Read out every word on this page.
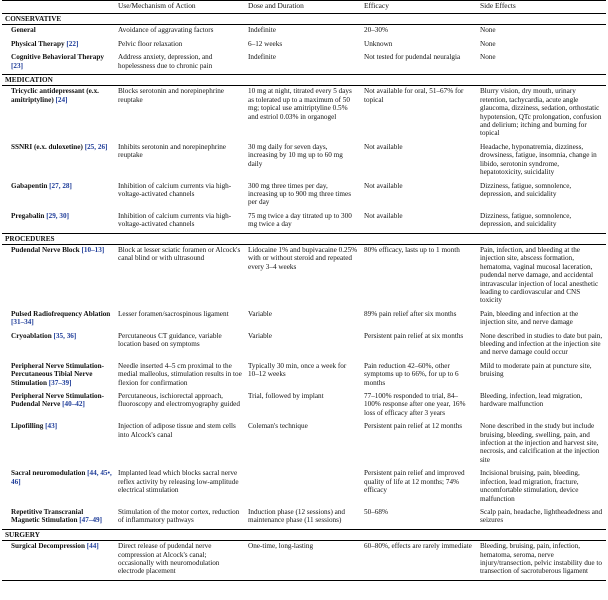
	Use/Mechanism of Action	Dose and Duration	Efficacy	Side Effects
CONSERVATIVE				
General	Avoidance of aggravating factors	Indefinite	20–30%	None
Physical Therapy [22]	Pelvic floor relaxation	6–12 weeks	Unknown	None
Cognitive Behavioral Therapy [23]	Address anxiety, depression, and hopelessness due to chronic pain	Indefinite	Not tested for pudendal neuralgia	None
MEDICATION				
Tricyclic antidepressant (e.x. amitriptyline) [24]	Blocks serotonin and norepinephrine reuptake	10 mg at night, titrated every 5 days as tolerated up to a maximum of 50 mg; topical use amitriptyline 0.5% and estriol 0.03% in organogel	Not available for oral, 51–67% for topical	Blurry vision, dry mouth, urinary retention, tachycardia, acute angle glaucoma, dizziness, sedation, orthostatic hypotension, QTc prolongation, confusion and delirium; itching and burning for topical
SSNRI (e.x. duloxetine) [25, 26]	Inhibits serotonin and norepinephrine reuptake	30 mg daily for seven days, increasing by 10 mg up to 60 mg daily	Not available	Headache, hyponatremia, dizziness, drowsiness, fatigue, insomnia, change in libido, serotonin syndrome, hepatotoxicity, suicidality
Gabapentin [27, 28]	Inhibition of calcium currents via high-voltage-activated channels	300 mg three times per day, increasing up to 900 mg three times per day	Not available	Dizziness, fatigue, somnolence, depression, and suicidality
Pregabalin [29, 30]	Inhibition of calcium currents via high-voltage-activated channels	75 mg twice a day titrated up to 300 mg twice a day	Not available	Dizziness, fatigue, somnolence, depression, and suicidality
PROCEDURES				
Pudendal Nerve Block [10–13]	Block at lesser sciatic foramen or Alcock's canal blind or with ultrasound	Lidocaine 1% and bupivacaine 0.25% with or without steroid and repeated every 3–4 weeks	80% efficacy, lasts up to 1 month	Pain, infection, and bleeding at the injection site, abscess formation, hematoma, vaginal mucosal laceration, pudendal nerve damage, and accidental intravascular injection of local anesthetic leading to cardiovascular and CNS toxicity
Pulsed Radiofrequency Ablation [31–34]	Lesser foramen/sacrospinous ligament	Variable	89% pain relief after six months	Pain, bleeding and infection at the injection site, and nerve damage
Cryoablation [35, 36]	Percutaneous CT guidance, variable location based on symptoms	Variable	Persistent pain relief at six months	None described in studies to date but pain, bleeding and infection at the injection site and nerve damage could occur
Peripheral Nerve Stimulation-Percutaneous Tibial Nerve Stimulation [37–39]	Needle inserted 4–5 cm proximal to the medial malleolus, stimulation results in toe flexion for confirmation	Typically 30 min, once a week for 10–12 weeks	Pain reduction 42–60%, other symptoms up to 66%, for up to 6 months	Mild to moderate pain at puncture site, bruising
Peripheral Nerve Stimulation-Pudendal Nerve [40–42]	Percutaneous, ischiorectal approach, fluoroscopy and electromyography guided	Trial, followed by implant	77–100% responded to trial, 84–100% response after one year, 16% loss of efficacy after 3 years	Bleeding, infection, lead migration, hardware malfunction
Lipofilling [43]	Injection of adipose tissue and stem cells into Alcock's canal	Coleman's technique	Persistent pain relief at 12 months	None described in the study but include bruising, bleeding, swelling, pain, and infection at the injection and harvest site, necrosis, and calcification at the injection site
Sacral neuromodulation [44, 45•, 46]	Implanted lead which blocks sacral nerve reflex activity by releasing low-amplitude electrical stimulation		Persistent pain relief and improved quality of life at 12 months; 74% efficacy	Incisional bruising, pain, bleeding, infection, lead migration, fracture, uncomfortable stimulation, device malfunction
Repetitive Transcranial Magnetic Stimulation [47–49]	Stimulation of the motor cortex, reduction of inflammatory pathways	Induction phase (12 sessions) and maintenance phase (11 sessions)	50–68%	Scalp pain, headache, lightheadedness and seizures
SURGERY				
Surgical Decompression [44]	Direct release of pudendal nerve compression at Alcock's canal; occasionally with neuromodulation electrode placement	One-time, long-lasting	60–80%, effects are rarely immediate	Bleeding, bruising, pain, infection, hematoma, seroma, nerve injury/transection, pelvic instability due to transection of sacrotuberous ligament
